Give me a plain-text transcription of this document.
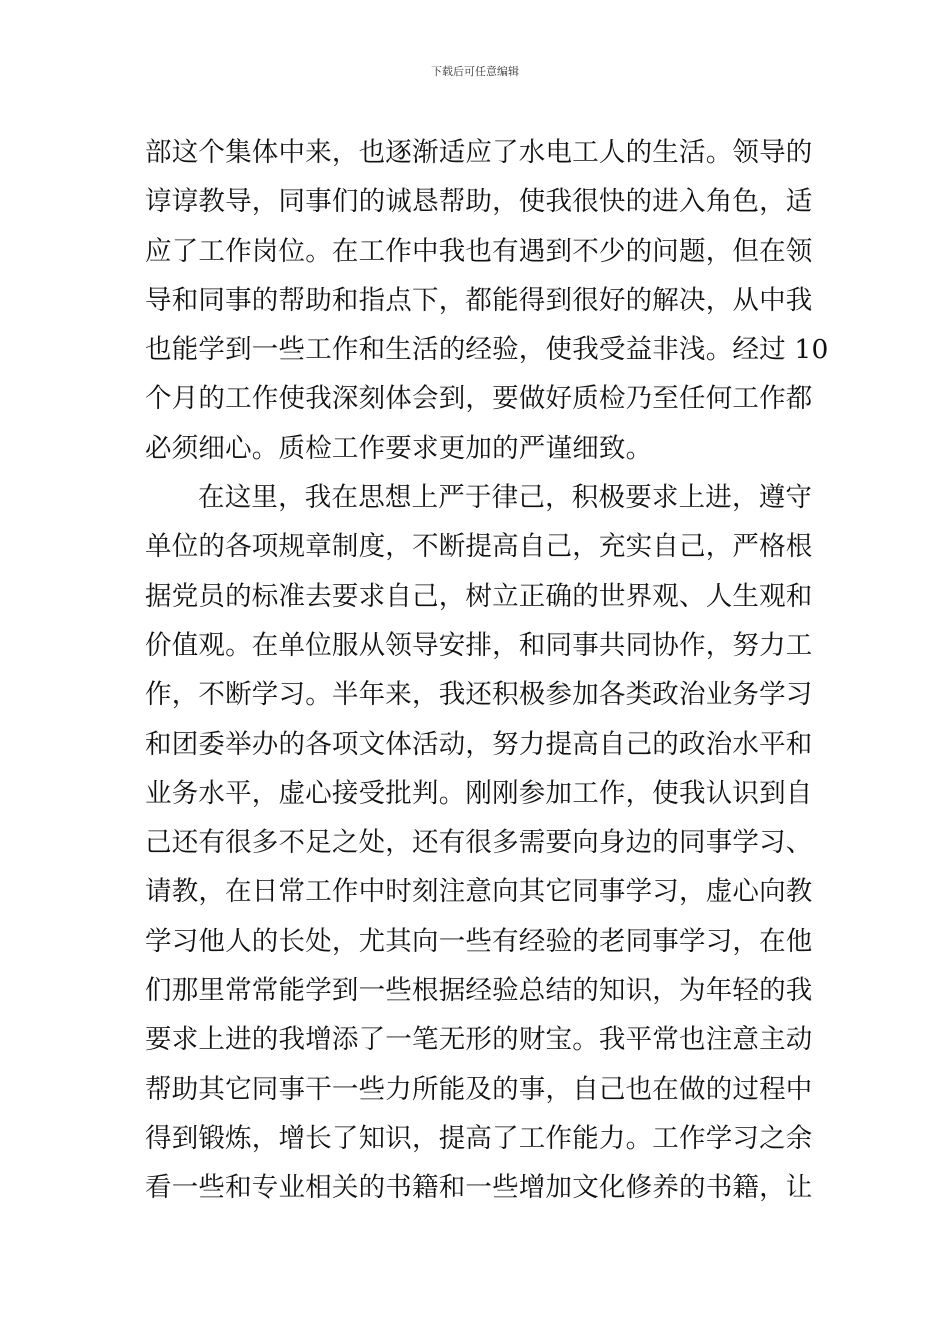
下载后可任意编辑
部这个集体中来，也逐渐适应了水电工人的生活。领导的
谆谆教导，同事们的诚恳帮助，使我很快的进入角色，适
应了工作岗位。在工作中我也有遇到不少的问题，但在领
导和同事的帮助和指点下，都能得到很好的解决，从中我
也能学到一些工作和生活的经验，使我受益非浅。经过 10
个月的工作使我深刻体会到，要做好质检乃至任何工作都
必须细心。质检工作要求更加的严谨细致。
在这里，我在思想上严于律己，积极要求上进，遵守
单位的各项规章制度，不断提高自己，充实自己，严格根
据党员的标准去要求自己，树立正确的世界观、人生观和
价值观。在单位服从领导安排，和同事共同协作，努力工
作，不断学习。半年来，我还积极参加各类政治业务学习
和团委举办的各项文体活动，努力提高自己的政治水平和
业务水平，虚心接受批判。刚刚参加工作，使我认识到自
己还有很多不足之处，还有很多需要向身边的同事学习、
请教，在日常工作中时刻注意向其它同事学习，虚心向教
学习他人的长处，尤其向一些有经验的老同事学习，在他
们那里常常能学到一些根据经验总结的知识，为年轻的我
要求上进的我增添了一笔无形的财宝。我平常也注意主动
帮助其它同事干一些力所能及的事，自己也在做的过程中
得到锻炼，增长了知识，提高了工作能力。工作学习之余
看一些和专业相关的书籍和一些增加文化修养的书籍，让
